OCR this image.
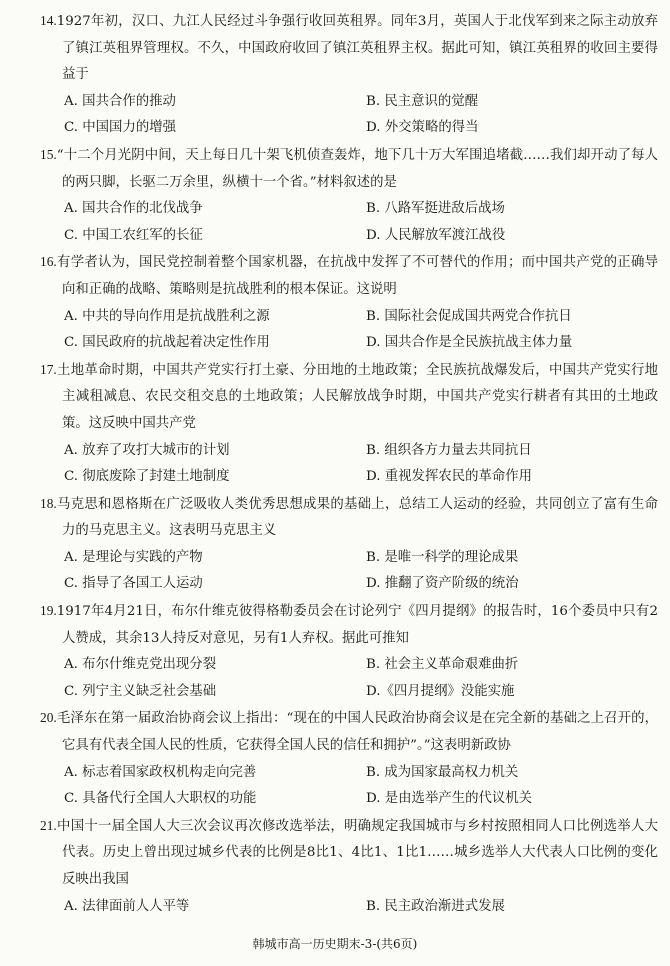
14.1927年初，汉口、九江人民经过斗争强行收回英租界。同年3月，英国人于北伐军到来之际主动放弃了镇江英租界管理权。不久，中国政府收回了镇江英租界主权。据此可知，镇江英租界的收回主要得益于
A. 国共合作的推动	B. 民主意识的觉醒
C. 中国国力的增强	D. 外交策略的得当
15.“十二个月光阴中间，天上每日几十架飞机侦查轰炸，地下几十万大军围追堵截……我们却开动了每人的两只脚，长驱二万余里，纵横十一个省。”材料叙述的是
A. 国共合作的北伐战争	B. 八路军挺进敌后战场
C. 中国工农红军的长征	D. 人民解放军渡江战役
16.有学者认为，国民党控制着整个国家机器，在抗战中发挥了不可替代的作用；而中国共产党的正确导向和正确的战略、策略则是抗战胜利的根本保证。这说明
A. 中共的导向作用是抗战胜利之源	B. 国际社会促成国共两党合作抗日
C. 国民政府的抗战起着决定性作用	D. 国共合作是全民族抗战主体力量
17.土地革命时期，中国共产党实行打土豪、分田地的土地政策；全民族抗战爆发后，中国共产党实行地主减租减息、农民交租交息的土地政策；人民解放战争时期，中国共产党实行耕者有其田的土地政策。这反映中国共产党
A. 放弃了攻打大城市的计划	B. 组织各方力量去共同抗日
C. 彻底废除了封建土地制度	D. 重视发挥农民的革命作用
18.马克思和恩格斯在广泛吸收人类优秀思想成果的基础上，总结工人运动的经验，共同创立了富有生命力的马克思主义。这表明马克思主义
A. 是理论与实践的产物	B. 是唯一科学的理论成果
C. 指导了各国工人运动	D. 推翻了资产阶级的统治
19.1917年4月21日，布尔什维克彼得格勒委员会在讨论列宁《四月提纲》的报告时，16个委员中只有2人赞成，其余13人持反对意见，另有1人弃权。据此可推知
A. 布尔什维克党出现分裂	B. 社会主义革命艰难曲折
C. 列宁主义缺乏社会基础	D.《四月提纲》没能实施
20.毛泽东在第一届政治协商会议上指出：“现在的中国人民政治协商会议是在完全新的基础之上召开的，它具有代表全国人民的性质，它获得全国人民的信任和拥护”。”这表明新政协
A. 标志着国家政权机构走向完善	B. 成为国家最高权力机关
C. 具备代行全国人大职权的功能	D. 是由选举产生的代议机关
21.中国十一届全国人大三次会议再次修改选举法，明确规定我国城市与乡村按照相同人口比例选举人大代表。历史上曾出现过城乡代表的比例是8比1、4比1、1比1……城乡选举人大代表人口比例的变化反映出我国
A. 法律面前人人平等	B. 民主政治渐进式发展
韩城市高一历史期末-3-(共6页)
